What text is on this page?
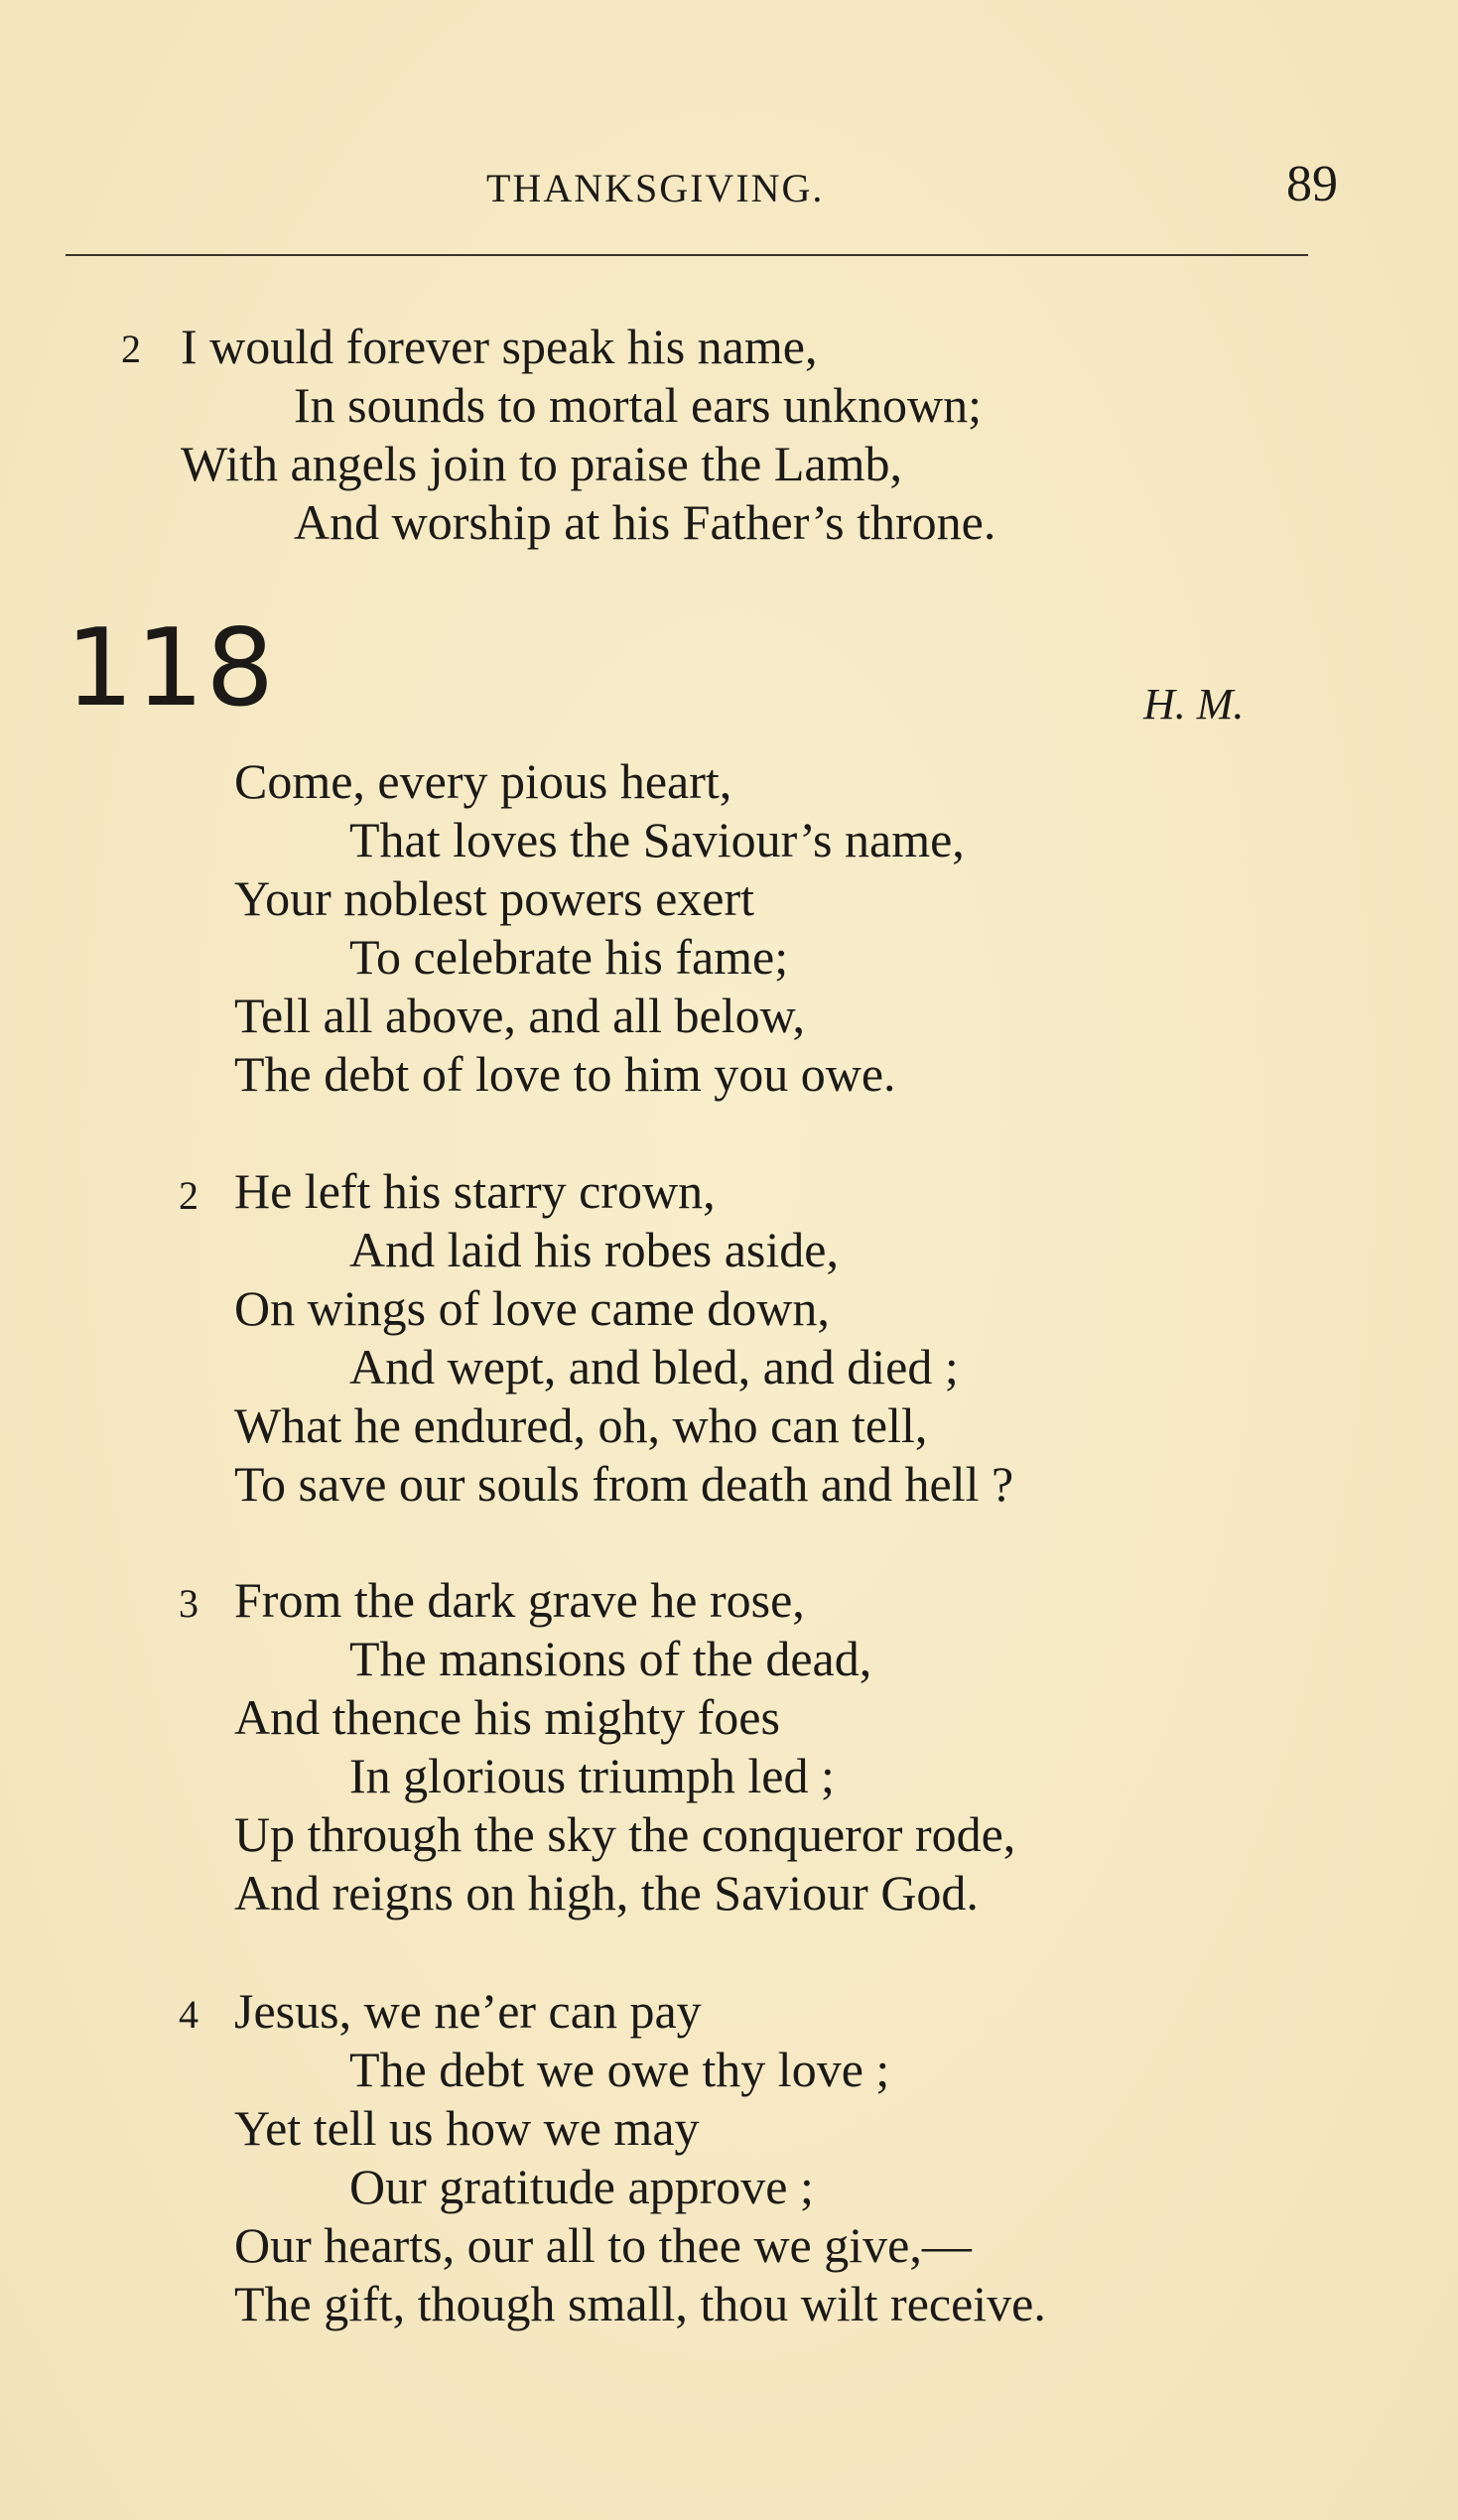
THANKSGIVING.	89
2 I would forever speak his name,
In sounds to mortal ears unknown;
With angels join to praise the Lamb,
And worship at his Father’s throne.
118	H. M.
Come, every pious heart,
That loves the Saviour’s name,
Your noblest powers exert
To celebrate his fame;
Tell all above, and all below,
The debt of love to him you owe.
2 He left his starry crown,
And laid his robes aside,
On wings of love came down,
And wept, and bled, and died ;
What he endured, oh, who can tell,
To save our souls from death and hell ?
3 From the dark grave he rose,
The mansions of the dead,
And thence his mighty foes
In glorious triumph led ;
Up through the sky the conqueror rode,
And reigns on high, the Saviour God.
4 Jesus, we ne’er can pay
The debt we owe thy love ;
Yet tell us how we may
Our gratitude approve ;
Our hearts, our all to thee we give,—
The gift, though small, thou wilt receive.
